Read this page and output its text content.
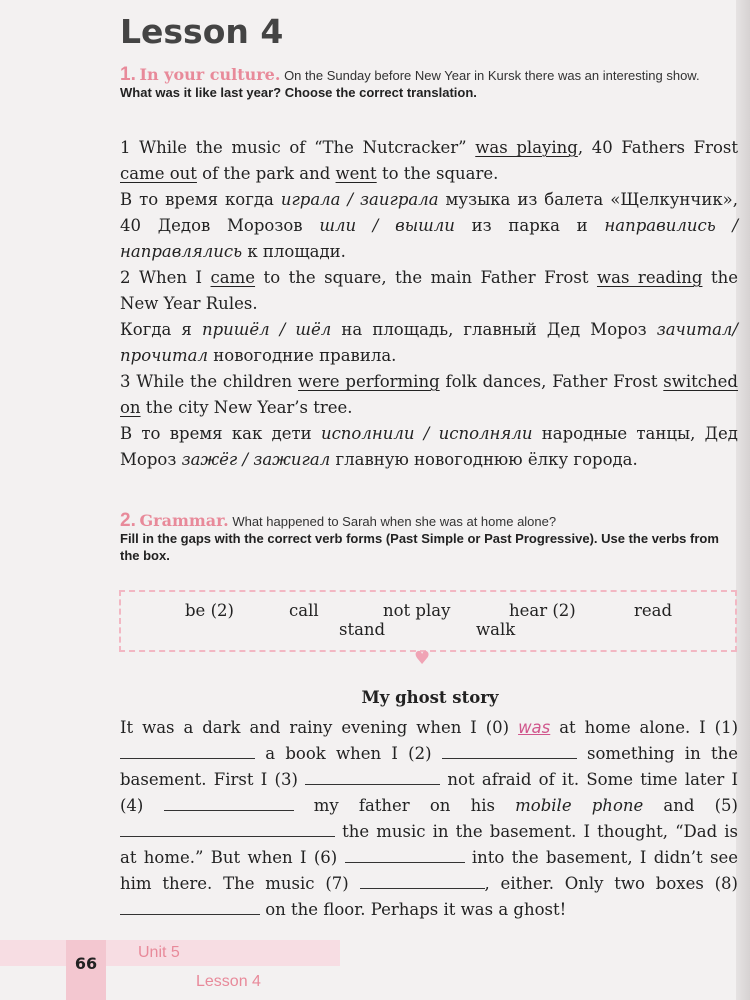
Lesson 4
1. In your culture. On the Sunday before New Year in Kursk there was an interesting show.
What was it like last year? Choose the correct translation.

1 While the music of “The Nutcracker” was playing, 40 Fathers Frost came out of the park and went to the square.

В то время когда играла / заиграла музыка из балета «Щелкунчик», 40 Дедов Морозов шли / вышли из парка и направились / направлялись к площади.

2 When I came to the square, the main Father Frost was reading the New Year Rules.

Когда я пришёл / шёл на площадь, главный Дед Мороз зачитал/прочитал новогодние правила.

3 While the children were performing folk dances, Father Frost switched on the city New Year’s tree.

В то время как дети исполнили / исполняли народные танцы, Дед Мороз зажёг / зажигал главную новогоднюю ёлку города.

2. Grammar. What happened to Sarah when she was at home alone?
Fill in the gaps with the correct verb forms (Past Simple or Past Progressive). Use the verbs from the box.
be (2)	call	not play	hear (2)	read
stand	walk
♥

My ghost story

It was a dark and rainy evening when I (0) was at home alone. I (1)  a book when I (2)	something in the basement. First I (3)	not afraid of it. Some time later I (4)	my father on his mobile phone and (5)  the music in the basement. I thought, “Dad is at home.” But when I (6)	into the basement, I didn’t see him there. The music (7)	, either. Only two boxes (8)  on the floor. Perhaps it was a ghost!

66
Unit 5
Lesson 4
